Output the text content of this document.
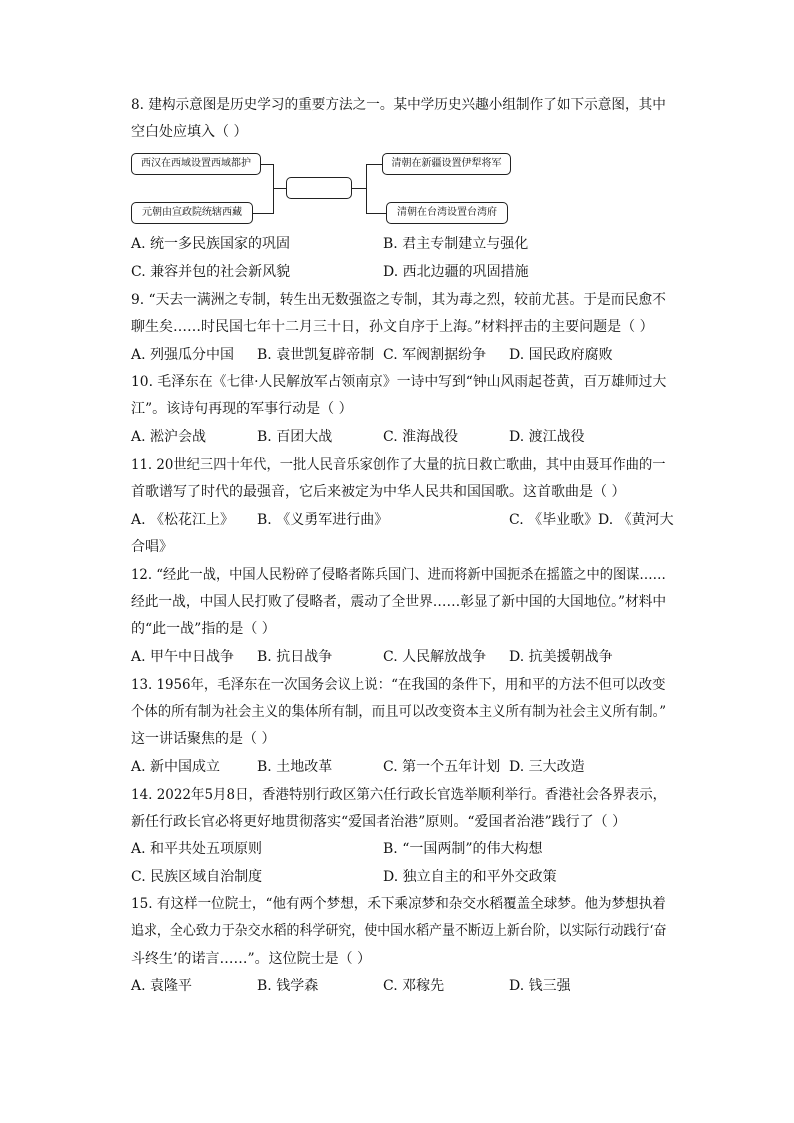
8. 建构示意图是历史学习的重要方法之一。某中学历史兴趣小组制作了如下示意图，其中
空白处应填入（ ）
西汉在西域设置西域都护
元朝由宣政院统辖西藏
清朝在新疆设置伊犁将军
清朝在台湾设置台湾府
A. 统一多民族国家的巩固	B. 君主专制建立与强化
C. 兼容并包的社会新风貌	D. 西北边疆的巩固措施
9. “天去一满洲之专制，转生出无数强盗之专制，其为毒之烈，较前尤甚。于是而民愈不
聊生矣……时民国七年十二月三十日，孙文自序于上海。”材料抨击的主要问题是（ ）
A. 列强瓜分中国 B. 袁世凯复辟帝制 C. 军阀割据纷争 D. 国民政府腐败
10. 毛泽东在《七律·人民解放军占领南京》一诗中写到“钟山风雨起苍黄，百万雄师过大
江”。该诗句再现的军事行动是（ ）
A. 淞沪会战	B. 百团大战	C. 淮海战役	D. 渡江战役
11. 20世纪三四十年代，一批人民音乐家创作了大量的抗日救亡歌曲，其中由聂耳作曲的一
首歌谱写了时代的最强音，它后来被定为中华人民共和国国歌。这首歌曲是（ ）
A. 《松花江上》 B. 《义勇军进行曲》	C. 《毕业歌》 D. 《黄河大
合唱》
12. “经此一战，中国人民粉碎了侵略者陈兵国门、进而将新中国扼杀在摇篮之中的图谋……
经此一战，中国人民打败了侵略者，震动了全世界……彰显了新中国的大国地位。”材料中
的“此一战”指的是（ ）
A. 甲午中日战争 B. 抗日战争	C. 人民解放战争 D. 抗美援朝战争
13. 1956年，毛泽东在一次国务会议上说：“在我国的条件下，用和平的方法不但可以改变
个体的所有制为社会主义的集体所有制，而且可以改变资本主义所有制为社会主义所有制。”
这一讲话聚焦的是（ ）
A. 新中国成立	B. 土地改革	C. 第一个五年计划 D. 三大改造
14. 2022年5月8日，香港特别行政区第六任行政长官选举顺利举行。香港社会各界表示，
新任行政长官必将更好地贯彻落实“爱国者治港”原则。“爱国者治港”践行了（ ）
A. 和平共处五项原则	B. “一国两制”的伟大构想
C. 民族区域自治制度	D. 独立自主的和平外交政策
15. 有这样一位院士，“他有两个梦想，禾下乘凉梦和杂交水稻覆盖全球梦。他为梦想执着
追求，全心致力于杂交水稻的科学研究，使中国水稻产量不断迈上新台阶，以实际行动践行‘奋
斗终生’的诺言……”。这位院士是（ ）
A. 袁隆平	B. 钱学森	C. 邓稼先	D. 钱三强
